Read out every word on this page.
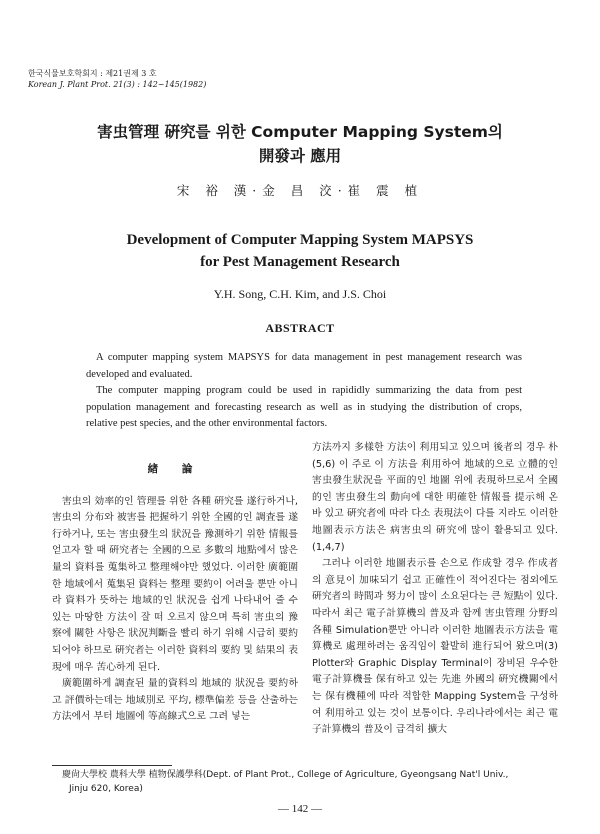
한국식물보호학회지 : 제21권제 3 호
Korean J. Plant Prot. 21(3) : 142~145(1982)
害虫管理 硏究를 위한 Computer Mapping System의
開發과 應用
宋 裕 漢·金 昌 洨·崔 震 植
Development of Computer Mapping System MAPSYS
for Pest Management Research
Y.H. Song, C.H. Kim, and J.S. Choi
ABSTRACT

A computer mapping system MAPSYS for data management in pest management research was developed and evaluated.

The computer mapping program could be used in rapididly summarizing the data from pest population management and forecasting research as well as in studying the distribution of crops, relative pest species, and the other environmental factors.

緖 論

害虫의 効率的인 管理를 위한 各種 硏究를 遂行하거나, 害虫의 分布와 被害를 把握하기 위한 全國的인 調査를 遂行하거나, 또는 害虫發生의 狀況을 豫測하기 위한 情報를 얻고자 할 때 硏究者는 全國的으로 多數의 地點에서 많은 量의 資料를 蒐集하고 整理해야만 했었다. 이러한 廣範圍한 地域에서 蒐集된 資料는 整理 要約이 어려울 뿐만 아니라 資料가 뜻하는 地域的인 狀況을 쉽게 나타내어 줄 수 있는 마땅한 方法이 잘 떠 오르지 않으며 특히 害虫의 豫察에 關한 사항은 狀況判斷을 빨리 하기 위해 시급히 要約되어야 하므로 硏究者는 이러한 資料의 要約 및 結果의 表現에 매우 苦心하게 된다.

廣範圍하게 調査된 量的資料의 地域的 狀況을 要約하고 評價하는데는 地域別로 平均, 標準偏差 등을 산출하는 方法에서 부터 地圖에 等高線式으로 그려 넣는

方法까지 多樣한 方法이 利用되고 있으며 後者의 경우 朴(5,6) 이 주로 이 方法을 利用하여 地域的으로 立體的인 害虫發生狀況을 平面的인 地圖 위에 表現하므로서 全國的인 害虫發生의 動向에 대한 明確한 情報를 提示해 온 바 있고 硏究者에 따라 다소 表現法이 다를 지라도 이러한 地圖表示方法은 病害虫의 硏究에 많이 활용되고 있다.(1,4,7)

그러나 이러한 地圖表示를 손으로 作成할 경우 作成者의 意見이 加味되기 쉽고 正確性이 적어진다는 점외에도 硏究者의 時間과 努力이 많이 소요된다는 큰 短點이 있다. 따라서 최근 電子計算機의 普及과 함께 害虫管理 分野의 各種 Simulation뿐만 아니라 이러한 地圖表示方法을 電算機로 處理하려는 움직임이 활발히 進行되어 왔으며(3) Plotter와 Graphic Display Terminal이 장비된 우수한 電子計算機를 保有하고 있는 先進 外國의 硏究機關에서는 保有機種에 따라 적합한 Mapping System을 구성하여 利用하고 있는 것이 보통이다. 우리나라에서는 최근 電子計算機의 普及이 급격히 擴大

慶尙大學校 農科大學 植物保護學科(Dept. of Plant Prot., College of Agriculture, Gyeongsang Nat'l Univ.,
Jinju 620, Korea)
— 142 —
